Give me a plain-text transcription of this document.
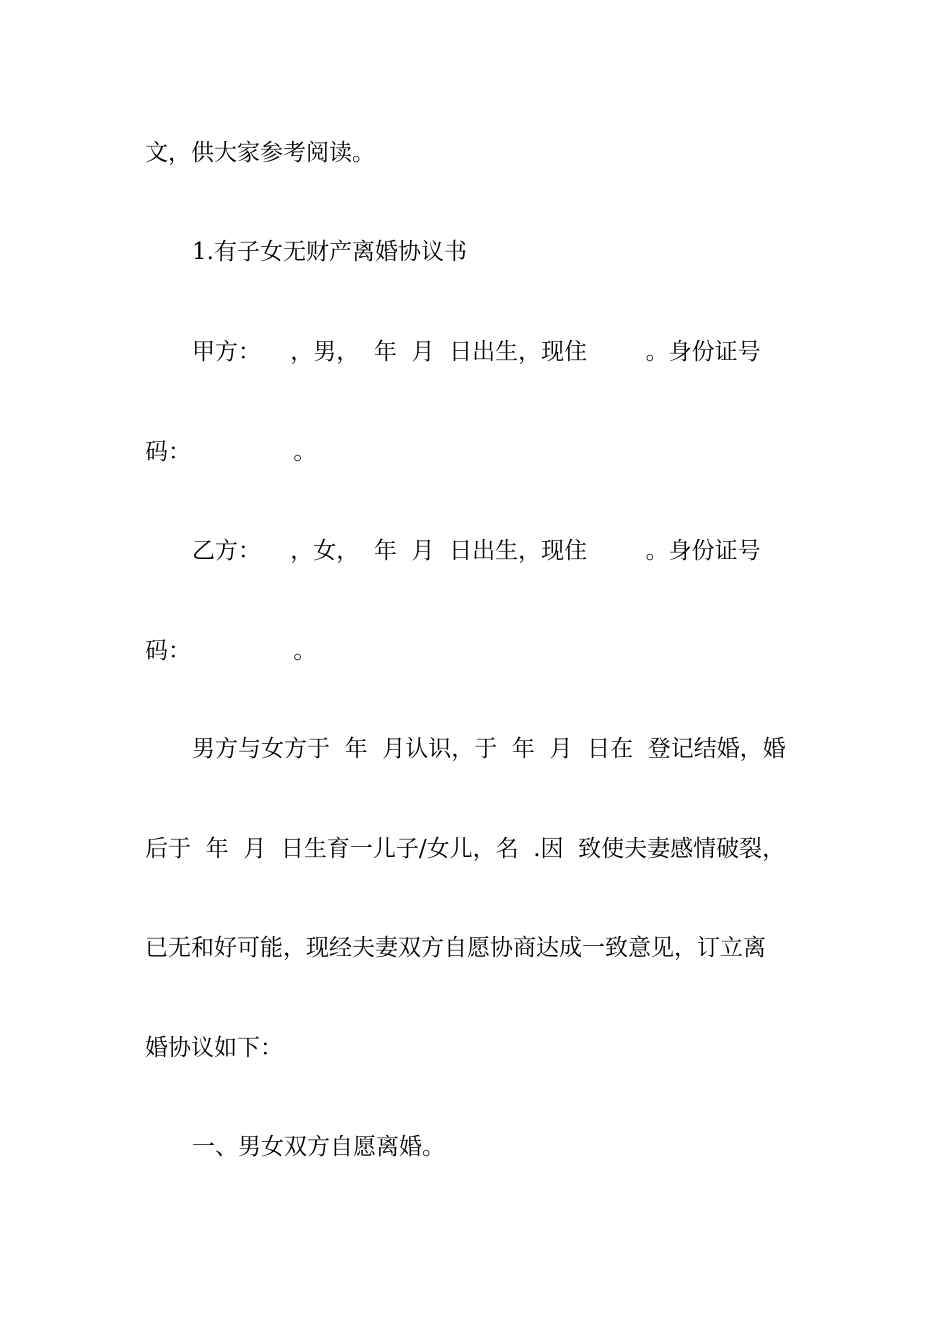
文，供大家参考阅读。

1.有子女无财产离婚协议书

甲方：    ，男，  年  月  日出生，现住        。身份证号

码：              。

乙方：    ，女，  年  月  日出生，现住        。身份证号

码：              。

男方与女方于  年  月认识，于  年  月  日在  登记结婚，婚

后于  年  月  日生育一儿子/女儿，名  .因  致使夫妻感情破裂，

已无和好可能，现经夫妻双方自愿协商达成一致意见，订立离

婚协议如下：

一、男女双方自愿离婚。
